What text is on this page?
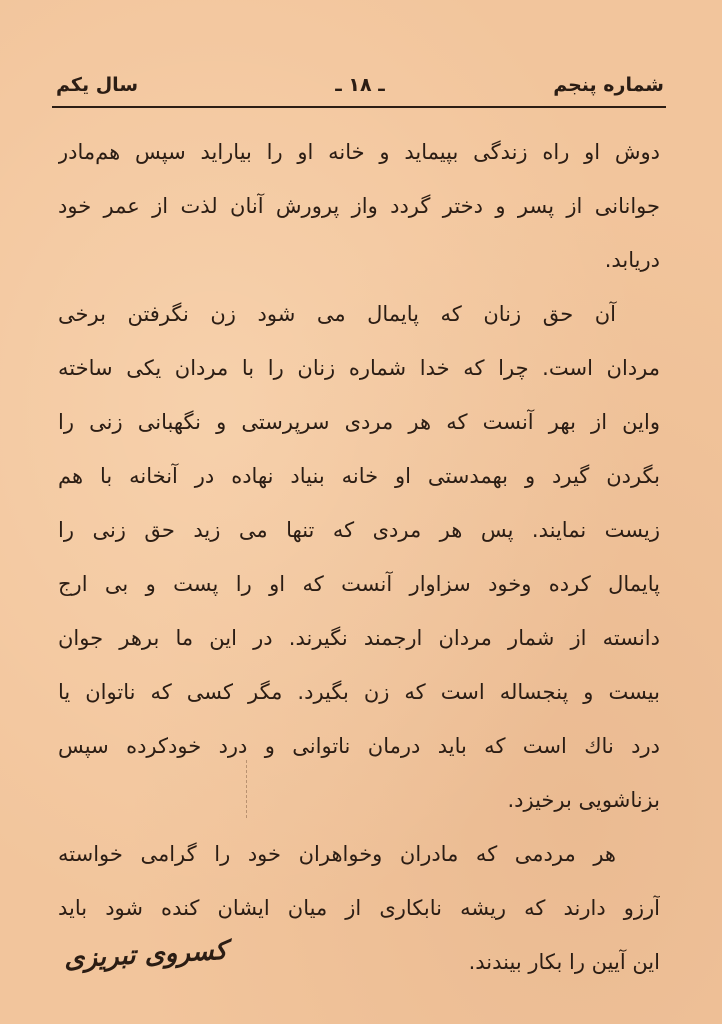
شماره پنجم
ـ ١٨ ـ
سال یکم
دوش او راه زندگی بپیماید و خانه او را بیاراید سپس هم‌مادر
جوانانی از پسر و دختر گردد واز پرورش آنان لذت از عمر خود
دریابد.
آن حق زنان که پایمال می شود زن نگرفتن برخی
مردان است. چرا که خدا شماره زنان را با مردان یکی ساخته
واین از بهر آنست که هر مردی سرپرستی و نگهبانی زنی را
بگردن گیرد و بهمدستی او خانه بنیاد نهاده در آنخانه با هم
زیست نمایند. پس هر مردی که تنها می زید حق زنی را
پایمال کرده وخود سزاوار آنست که او را پست و بی ارج
دانسته از شمار مردان ارجمند نگیرند. در این ما برهر جوان
بیست و پنجساله است که زن بگیرد. مگر کسی که ناتوان یا
درد ناك است که باید درمان ناتوانی و درد خودکرده سپس
بزناشویی برخیزد.
هر مردمی که مادران وخواهران خود را گرامی خواسته
آرزو دارند که ریشه نابکاری از میان ایشان کنده شود باید
این آیین را بکار بیندند.
کسروی تبریزی
